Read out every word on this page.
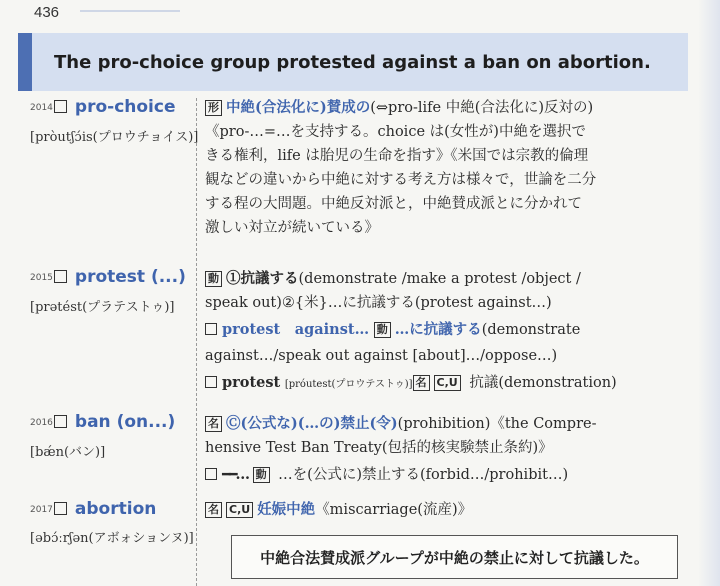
436
The pro-choice group protested against a ban on abortion.
$^{2014}$ pro-choice
[pròutʃɔ́is(プロウチョイス)]
形 中絶(合法化に)賛成の(⇔pro-life 中絶(合法化に)反対の)
《pro-…=…を支持する。choice は(女性が)中絶を選択で
きる権利，life は胎児の生命を指す》《米国では宗教的倫理
観などの違いから中絶に対する考え方は様々で，世論を二分
する程の大問題。中絶反対派と，中絶賛成派とに分かれて
激しい対立が続いている》
$^{2015}$ protest (...)
[prətést(プラテストゥ)]
動 ①抗議する(demonstrate /make a protest /object /
speak out)②{米}…に抗議する(protest against…)
protest　against… 動 …に抗議する(demonstrate
against…/speak out against [about]…/oppose…)
protest [próutest(プロウテストゥ)] 名 C,U 抗議(demonstration)
$^{2016}$ ban (on...)
[bǽn(バン)]
名 Ⓒ(公式な)(…の)禁止(令)(prohibition)《the Compre-
hensive Test Ban Treaty(包括的核実験禁止条約)》
━━… 動 …を(公式に)禁止する(forbid…/prohibit…)
$^{2017}$ abortion
[əbɔ́ːrʃən(アボォションヌ)]
名 C,U 妊娠中絶《miscarriage(流産)》
中絶合法賛成派グループが中絶の禁止に対して抗議した。
